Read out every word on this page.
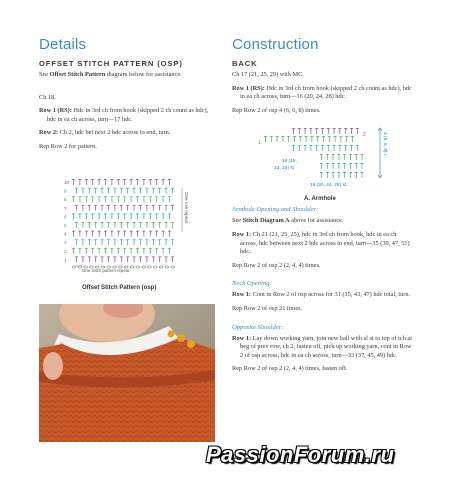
Details
OFFSET STITCH PATTERN (OSP)

See Offset Stitch Pattern diagram below for assistance.

Ch 18.

Row 1 (RS): Hdc in 3rd ch from hook (skipped 2 ch count as hdc), hdc in ea ch across, turn—17 hdc.

Row 2: Ch 2, hdc bet next 2 hdc across to end, turn.

Rep Row 2 for pattern.

10
9
8
7
6
5
4
3
2
1
One row repeat
One stitch pattern repeat
Offset Stitch Pattern (osp)
Construction
BACK

Ch 17 (21, 25, 29) with MC.

Row 1 (RS): Hdc in 3rd ch from hook (skipped 2 ch count as hdc), hdc in ea ch across, turn—16 (20, 24, 28) hdc.

Rep Row 2 of osp 4 (6, 6, 8) times.

Armhole Opening and Shoulder:

See Stitch Diagram A above for assistance.

Row 1: Ch 21 (21, 25, 25), hdc in 3rd ch from hook, hdc in ea ch across, hdc between next 2 hdc across to end, turn—35 (39, 47, 51) hdc.

Rep Row 2 of osp 2 (2, 4, 4) times.

Neck Opening:

Row 1: Cont in Row 2 of osp across for 31 (35, 43, 47) hdc total, turn.

Rep Row 2 of osp 21 times.

Opposite Shoulder:

Row 1: Lay down working yarn, join new ball with sl st to top of tch at beg of prev row, ch 2, fasten off, pick up working yarn, cont in Row 2 of osp across, hdc in ea ch across, turn—33 (37, 45, 49) hdc.

Rep Row 2 of osp 2 (2, 4, 4) times, fasten off.

2
1
19 (19,
23, 23) st
16 (20, 24, 28) st
4 (6, 6, 8) r
A. Armhole
PassionForum.ru
